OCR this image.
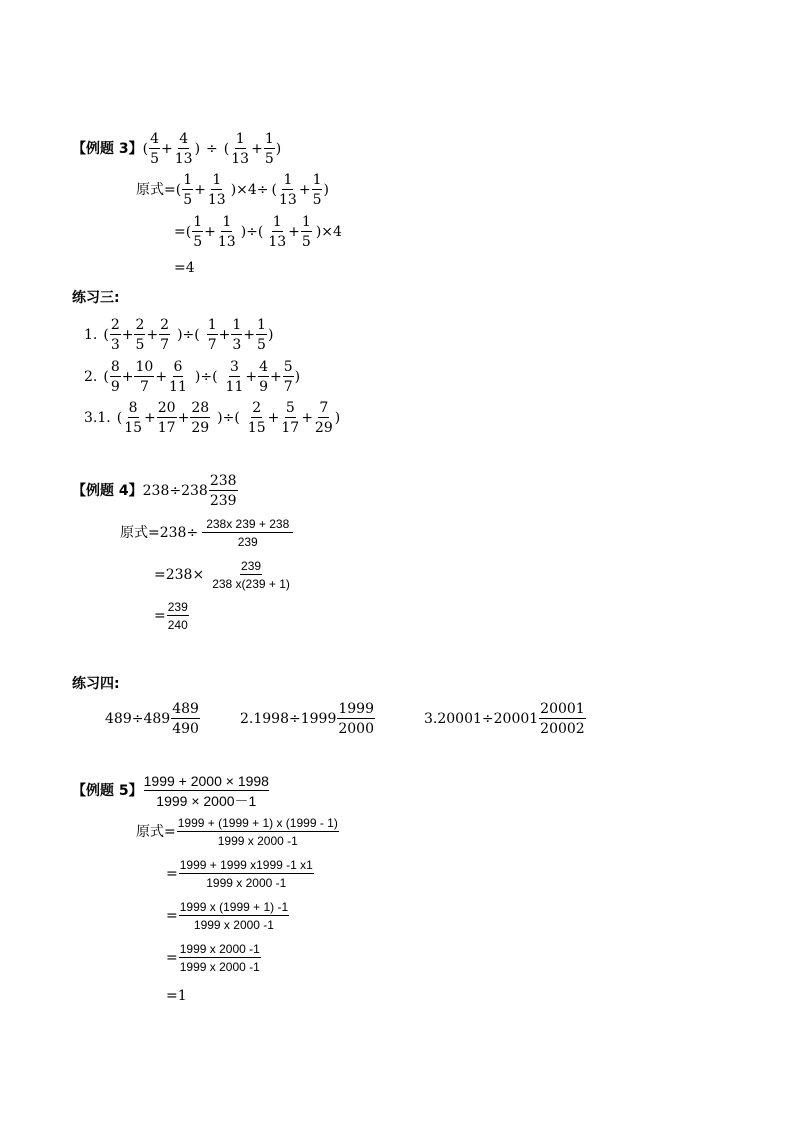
【例题 3】 ( $\frac{4}{5} + \frac{4}{13}$ ) ÷ ( $\frac{1}{13} + \frac{1}{5}$ )
原式= ( $\frac{1}{5} + \frac{1}{13} )\times 4\div$ ( $\frac{1}{13} + \frac{1}{5}$ )
=( $\frac{1}{5} + \frac{1}{13}$ )÷( $\frac{1}{13} + \frac{1}{5} )\times 4$
=4
练习三:
1. ( $\frac{2}{3} + \frac{2}{5} + \frac{2}{7}$ )÷( $\frac{1}{7} + \frac{1}{3} + \frac{1}{5}$ )
2. ( $\frac{8}{9} + \frac{10}{7} + \frac{6}{11}$ )÷( $\frac{3}{11} + \frac{4}{9} + \frac{5}{7}$ )
3.1. ( $\frac{8}{15} + \frac{20}{17} + \frac{28}{29}$ )÷( $\frac{2}{15} + \frac{5}{17} + \frac{7}{29}$ )
【例题 4】 $238\div 238 \frac{238}{239}$
原式$=238\div \frac{238x 239 + 238}{239}$
$=238\times \frac{239}{238 x(239 + 1)}$
= $\frac{239}{240}$
练习四:
$489\div 489 \frac{489}{490}$	$2.1998\div 1999 \frac{1999}{2000}$	$3.20001\div 20001 \frac{20001}{20002}$
【例题 5】 $\frac{1999 + 2000 \times 1998}{1999 \times 2000-1}$
原式= $\frac{1999 + (1999 + 1) x (1999 - 1)}{1999 x 2000 -1}$
= $\frac{1999 + 1999 x1999 -1 x1}{1999 x 2000 -1}$
= $\frac{1999 x (1999 + 1) -1}{1999 x 2000 -1}$
= $\frac{1999 x 2000 -1}{1999 x 2000 -1}$
=1
